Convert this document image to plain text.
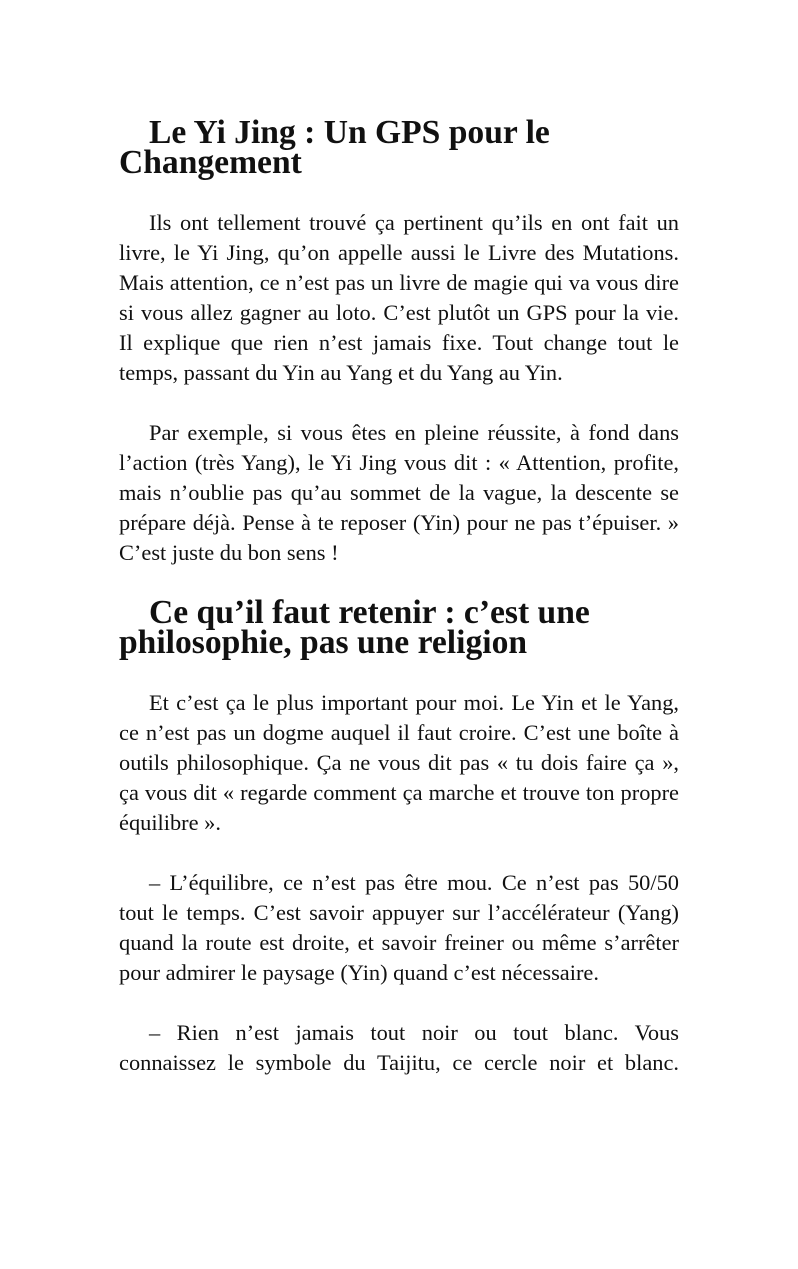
Le Yi Jing : Un GPS pour le Changement

Ils ont tellement trouvé ça pertinent qu’ils en ont fait un livre, le Yi Jing, qu’on appelle aussi le Livre des Mutations. Mais attention, ce n’est pas un livre de magie qui va vous dire si vous allez gagner au loto. C’est plutôt un GPS pour la vie. Il explique que rien n’est jamais fixe. Tout change tout le temps, passant du Yin au Yang et du Yang au Yin.

Par exemple, si vous êtes en pleine réussite, à fond dans l’action (très Yang), le Yi Jing vous dit : « Attention, profite, mais n’oublie pas qu’au sommet de la vague, la descente se prépare déjà. Pense à te reposer (Yin) pour ne pas t’épuiser. » C’est juste du bon sens !

Ce qu’il faut retenir : c’est une philosophie, pas une religion

Et c’est ça le plus important pour moi. Le Yin et le Yang, ce n’est pas un dogme auquel il faut croire. C’est une boîte à outils philosophique. Ça ne vous dit pas « tu dois faire ça », ça vous dit « regarde comment ça marche et trouve ton propre équilibre ».

– L’équilibre, ce n’est pas être mou. Ce n’est pas 50/50 tout le temps. C’est savoir appuyer sur l’accélérateur (Yang) quand la route est droite, et savoir freiner ou même s’arrêter pour admirer le paysage (Yin) quand c’est nécessaire.

– Rien n’est jamais tout noir ou tout blanc. Vous connaissez le symbole du Taijitu, ce cercle noir et blanc.
